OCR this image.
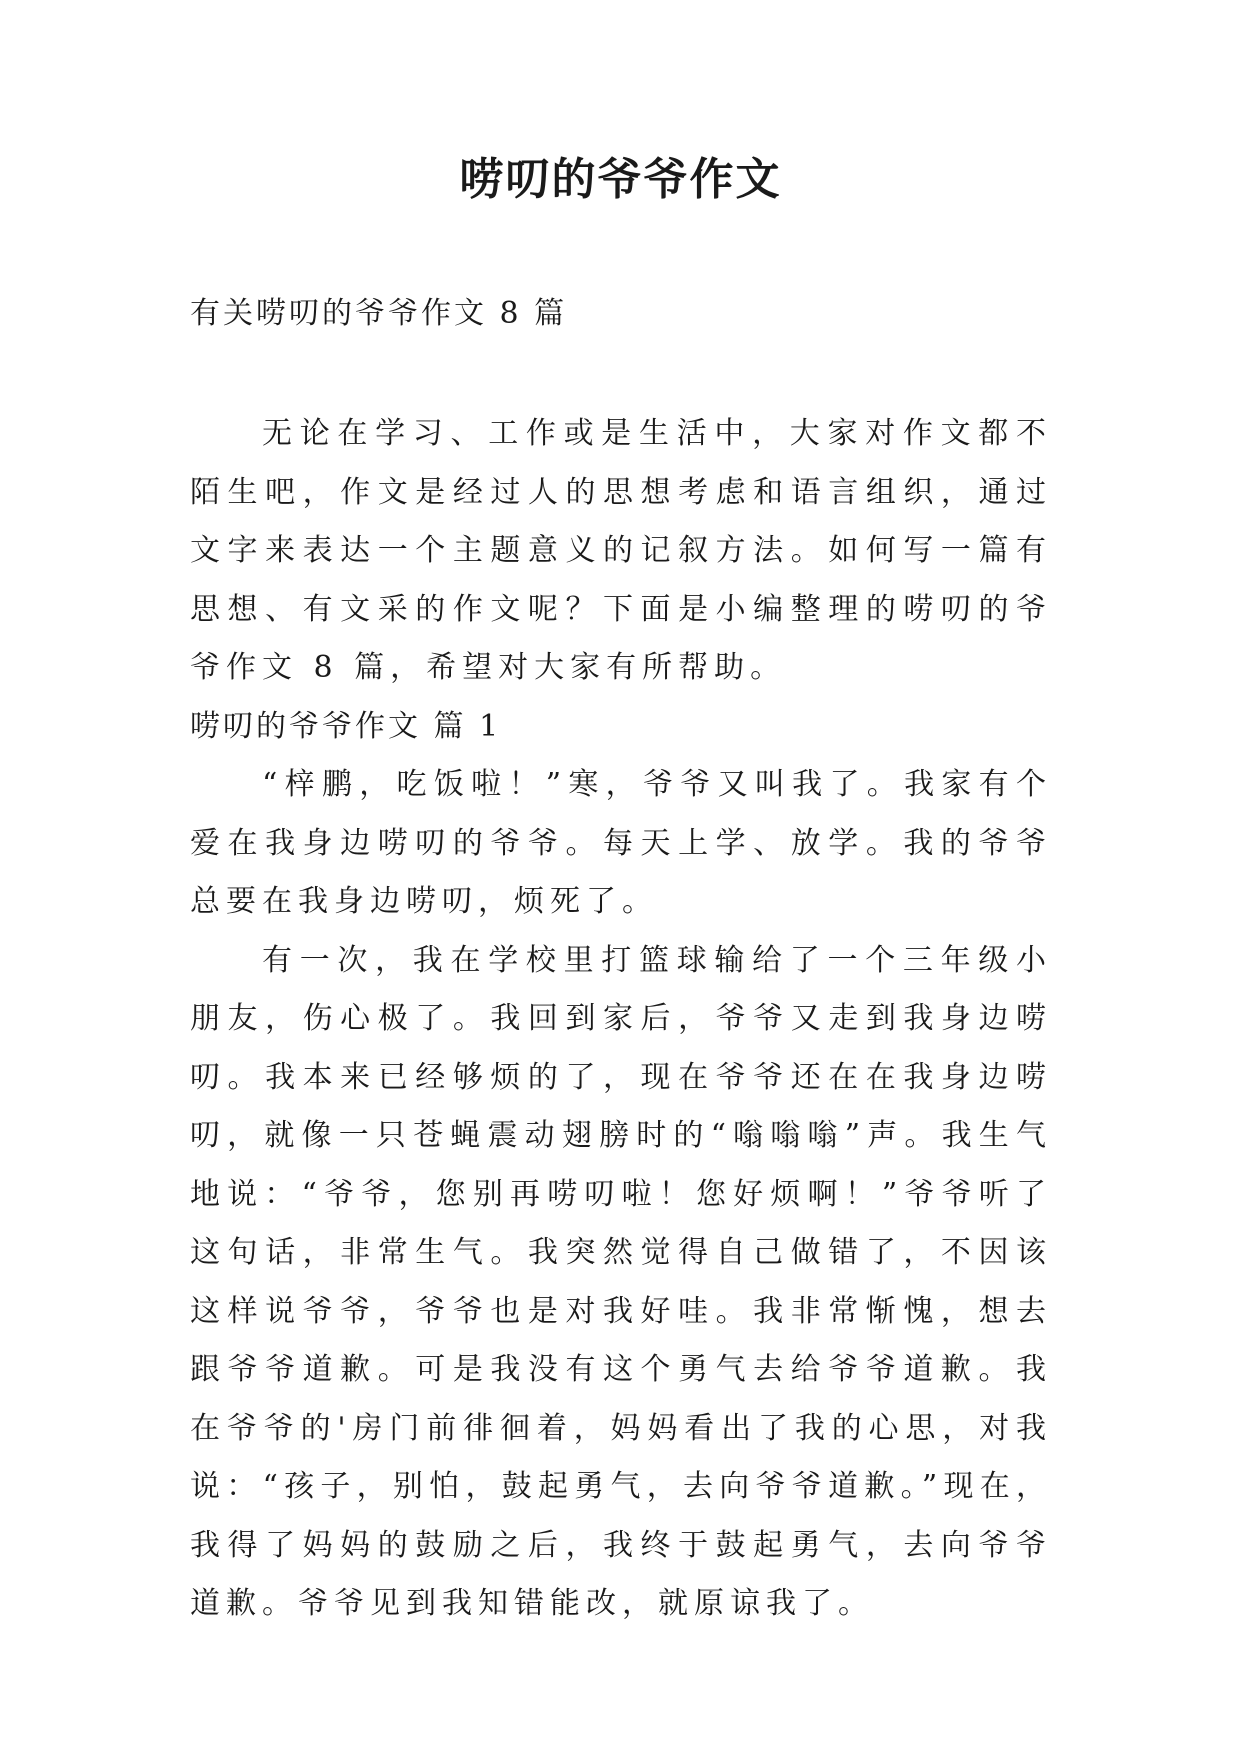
唠叨的爷爷作文

有关唠叨的爷爷作文 8 篇

无论在学习、工作或是生活中，大家对作文都不陌生吧，作文是经过人的思想考虑和语言组织，通过文字来表达一个主题意义的记叙方法。如何写一篇有思想、有文采的作文呢？下面是小编整理的唠叨的爷爷作文 8 篇，希望对大家有所帮助。

唠叨的爷爷作文 篇 1

“梓鹏，吃饭啦！”寒，爷爷又叫我了。我家有个爱在我身边唠叨的爷爷。每天上学、放学。我的爷爷总要在我身边唠叨，烦死了。

有一次，我在学校里打篮球输给了一个三年级小朋友，伤心极了。我回到家后，爷爷又走到我身边唠叨。我本来已经够烦的了，现在爷爷还在在我身边唠叨，就像一只苍蝇震动翅膀时的“嗡嗡嗡”声。我生气地说：“爷爷，您别再唠叨啦！您好烦啊！”爷爷听了这句话，非常生气。我突然觉得自己做错了，不因该这样说爷爷，爷爷也是对我好哇。我非常惭愧，想去跟爷爷道歉。可是我没有这个勇气去给爷爷道歉。我在爷爷的'房门前徘徊着，妈妈看出了我的心思，对我说：“孩子，别怕，鼓起勇气，去向爷爷道歉。”现在，我得了妈妈的鼓励之后，我终于鼓起勇气，去向爷爷道歉。爷爷见到我知错能改，就原谅我了。
